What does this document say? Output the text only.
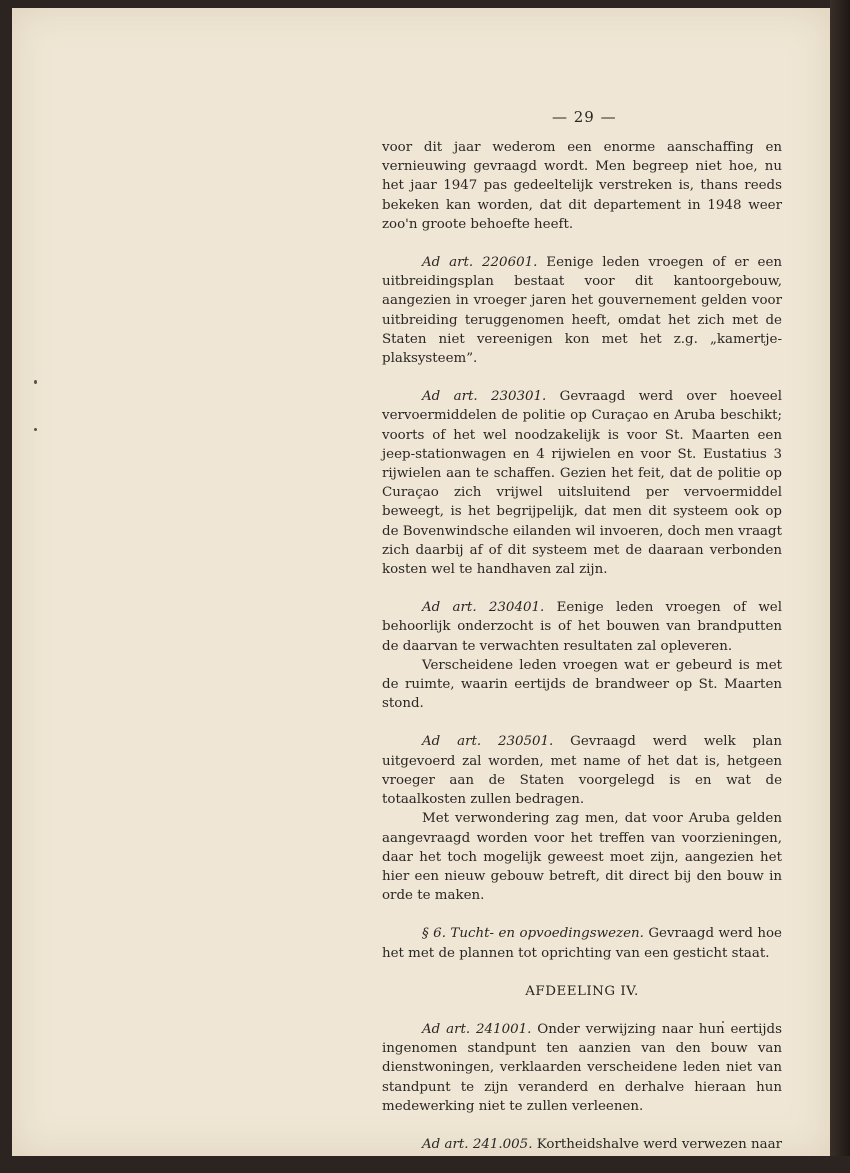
— 29 —

voor dit jaar wederom een enorme aanschaffing en vernieuwing gevraagd wordt. Men begreep niet hoe, nu het jaar 1947 pas gedeeltelijk verstreken is, thans reeds bekeken kan worden, dat dit departement in 1948 weer zoo'n groote behoefte heeft.

Ad art. 220601. Eenige leden vroegen of er een uitbreidingsplan bestaat voor dit kantoorgebouw, aangezien in vroeger jaren het gouvernement gelden voor uitbreiding teruggenomen heeft, omdat het zich met de Staten niet vereenigen kon met het z.g. „kamertje-plaksysteem”.

Ad art. 230301. Gevraagd werd over hoeveel vervoermiddelen de politie op Curaçao en Aruba beschikt; voorts of het wel noodzakelijk is voor St. Maarten een jeep-stationwagen en 4 rijwielen en voor St. Eustatius 3 rijwielen aan te schaffen. Gezien het feit, dat de politie op Curaçao zich vrijwel uitsluitend per vervoermiddel beweegt, is het begrijpelijk, dat men dit systeem ook op de Bovenwindsche eilanden wil invoeren, doch men vraagt zich daarbij af of dit systeem met de daaraan verbonden kosten wel te handhaven zal zijn.

Ad art. 230401. Eenige leden vroegen of wel behoorlijk onderzocht is of het bouwen van brandputten de daarvan te verwachten resultaten zal opleveren.

Verscheidene leden vroegen wat er gebeurd is met de ruimte, waarin eertijds de brandweer op St. Maarten stond.

Ad art. 230501. Gevraagd werd welk plan uitgevoerd zal worden, met name of het dat is, hetgeen vroeger aan de Staten voorgelegd is en wat de totaalkosten zullen bedragen.

Met verwondering zag men, dat voor Aruba gelden aangevraagd worden voor het treffen van voorzieningen, daar het toch mogelijk geweest moet zijn, aangezien het hier een nieuw gebouw betreft, dit direct bij den bouw in orde te maken.

§ 6. Tucht- en opvoedingswezen. Gevraagd werd hoe het met de plannen tot oprichting van een gesticht staat.

AFDEELING IV.

Ad art. 241001. Onder verwijzing naar hun eertijds ingenomen standpunt ten aanzien van den bouw van dienstwoningen, verklaarden verscheidene leden niet van standpunt te zijn veranderd en derhalve hieraan hun medewerking niet te zullen verleenen.

Ad art. 241.005. Kortheidshalve werd verwezen naar
